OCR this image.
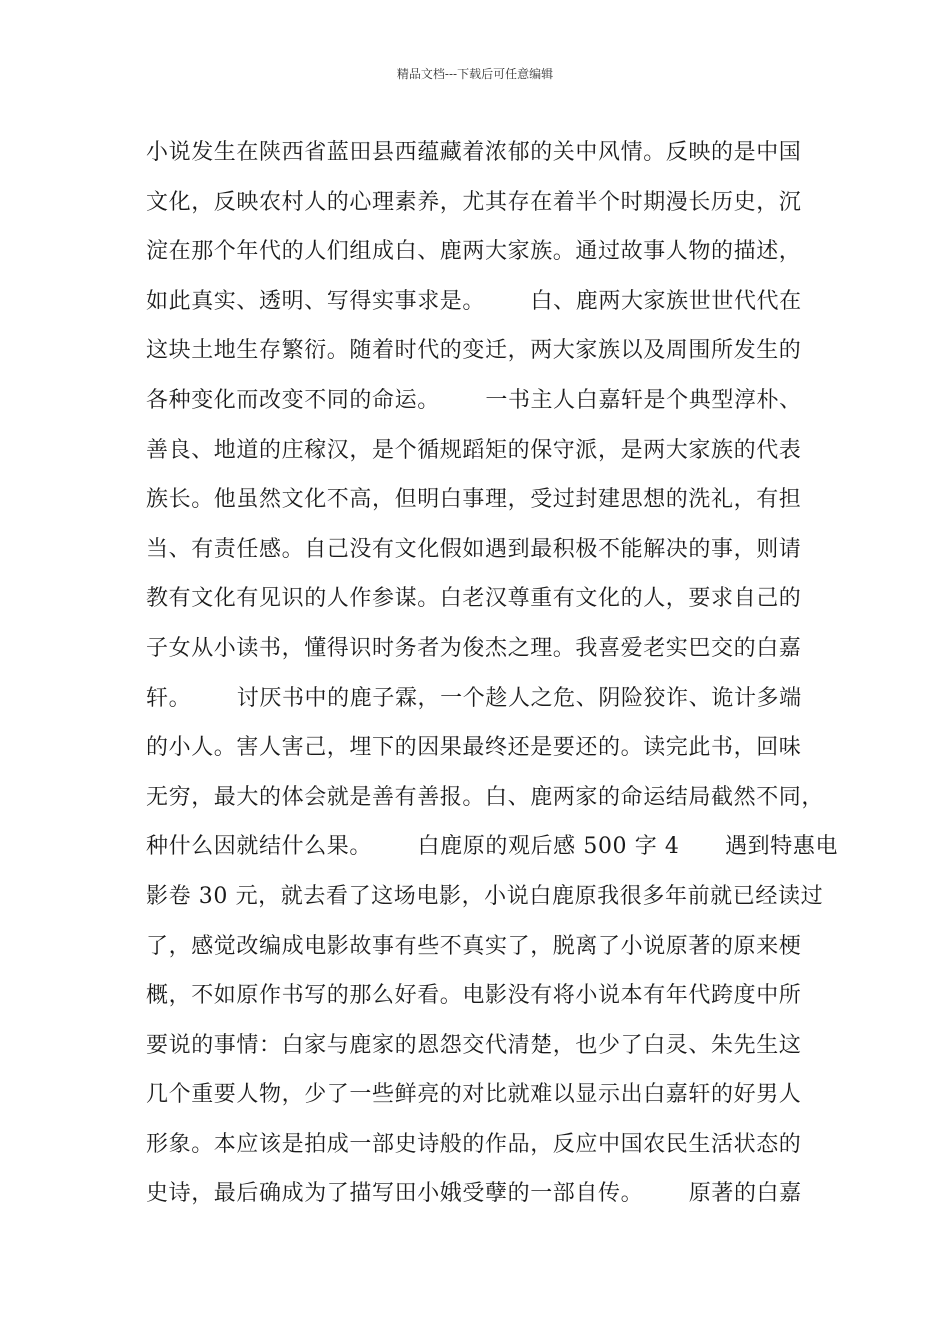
精品文档---下载后可任意编辑
小说发生在陕西省蓝田县西蕴藏着浓郁的关中风情。反映的是中国
文化，反映农村人的心理素养，尤其存在着半个时期漫长历史，沉
淀在那个年代的人们组成白、鹿两大家族。通过故事人物的描述，
如此真实、透明、写得实事求是。      白、鹿两大家族世世代代在
这块土地生存繁衍。随着时代的变迁，两大家族以及周围所发生的
各种变化而改变不同的命运。      一书主人白嘉轩是个典型淳朴、
善良、地道的庄稼汉，是个循规蹈矩的保守派，是两大家族的代表
族长。他虽然文化不高，但明白事理，受过封建思想的洗礼，有担
当、有责任感。自己没有文化假如遇到最积极不能解决的事，则请
教有文化有见识的人作参谋。白老汉尊重有文化的人，要求自己的
子女从小读书，懂得识时务者为俊杰之理。我喜爱老实巴交的白嘉
轩。      讨厌书中的鹿子霖，一个趁人之危、阴险狡诈、诡计多端
的小人。害人害己，埋下的因果最终还是要还的。读完此书，回味
无穷，最大的体会就是善有善报。白、鹿两家的命运结局截然不同，
种什么因就结什么果。      白鹿原的观后感 500 字 4      遇到特惠电
影卷 30 元，就去看了这场电影，小说白鹿原我很多年前就已经读过
了，感觉改编成电影故事有些不真实了，脱离了小说原著的原来梗
概，不如原作书写的那么好看。电影没有将小说本有年代跨度中所
要说的事情：白家与鹿家的恩怨交代清楚，也少了白灵、朱先生这
几个重要人物，少了一些鲜亮的对比就难以显示出白嘉轩的好男人
形象。本应该是拍成一部史诗般的作品，反应中国农民生活状态的
史诗，最后确成为了描写田小娥受孽的一部自传。      原著的白嘉
